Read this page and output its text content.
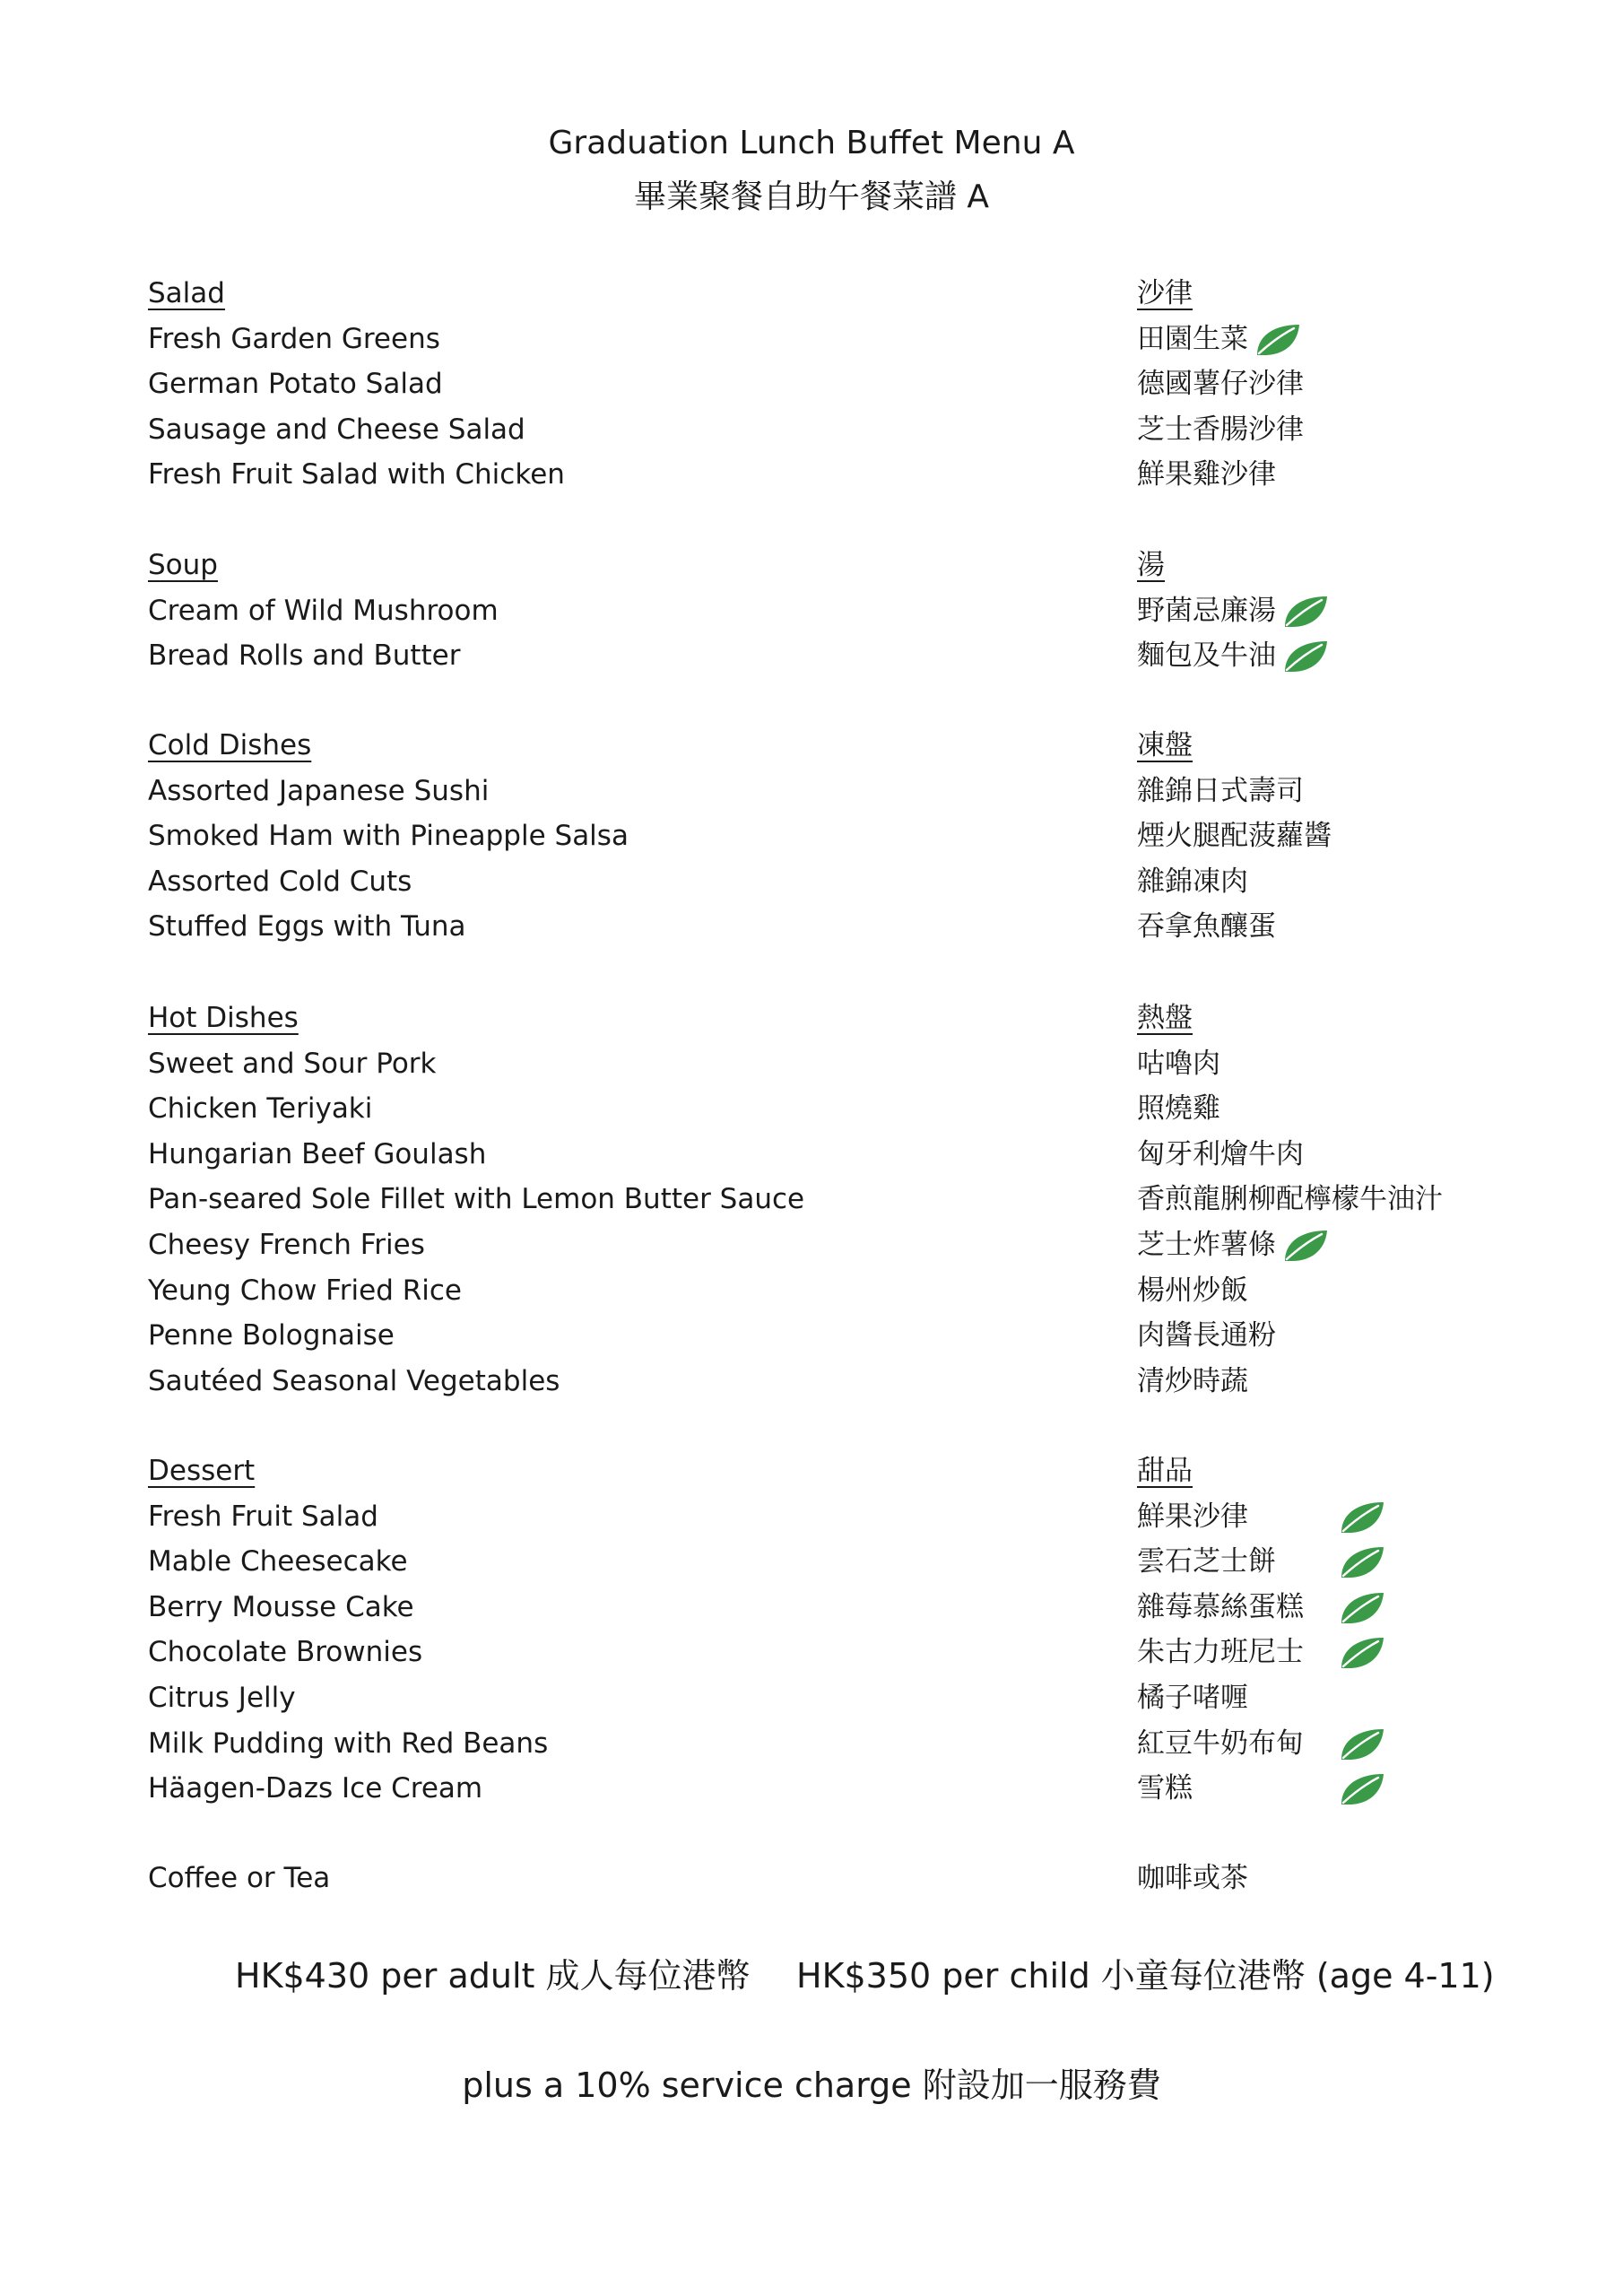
Graduation Lunch Buffet Menu A
畢業聚餐自助午餐菜譜 A
Salad	沙律
Fresh Garden Greens	田園生菜
German Potato Salad	德國薯仔沙律
Sausage and Cheese Salad	芝士香腸沙律
Fresh Fruit Salad with Chicken	鮮果雞沙律
Soup	湯
Cream of Wild Mushroom	野菌忌廉湯
Bread Rolls and Butter	麵包及牛油
Cold Dishes	凍盤
Assorted Japanese Sushi	雜錦日式壽司
Smoked Ham with Pineapple Salsa	煙火腿配菠蘿醬
Assorted Cold Cuts	雜錦凍肉
Stuffed Eggs with Tuna	吞拿魚釀蛋
Hot Dishes	熱盤
Sweet and Sour Pork	咕嚕肉
Chicken Teriyaki	照燒雞
Hungarian Beef Goulash	匈牙利燴牛肉
Pan-seared Sole Fillet with Lemon Butter Sauce	香煎龍脷柳配檸檬牛油汁
Cheesy French Fries	芝士炸薯條
Yeung Chow Fried Rice	楊州炒飯
Penne Bolognaise	肉醬長通粉
Sautéed Seasonal Vegetables	清炒時蔬
Dessert	甜品
Fresh Fruit Salad	鮮果沙律
Mable Cheesecake	雲石芝士餅
Berry Mousse Cake	雜莓慕絲蛋糕
Chocolate Brownies	朱古力班尼士
Citrus Jelly	橘子啫喱
Milk Pudding with Red Beans	紅豆牛奶布甸
Häagen-Dazs Ice Cream	雪糕
Coffee or Tea	咖啡或茶
HK$430 per adult 成人每位港幣 HK$350 per child 小童每位港幣 (age 4-11)
plus a 10% service charge 附設加一服務費
